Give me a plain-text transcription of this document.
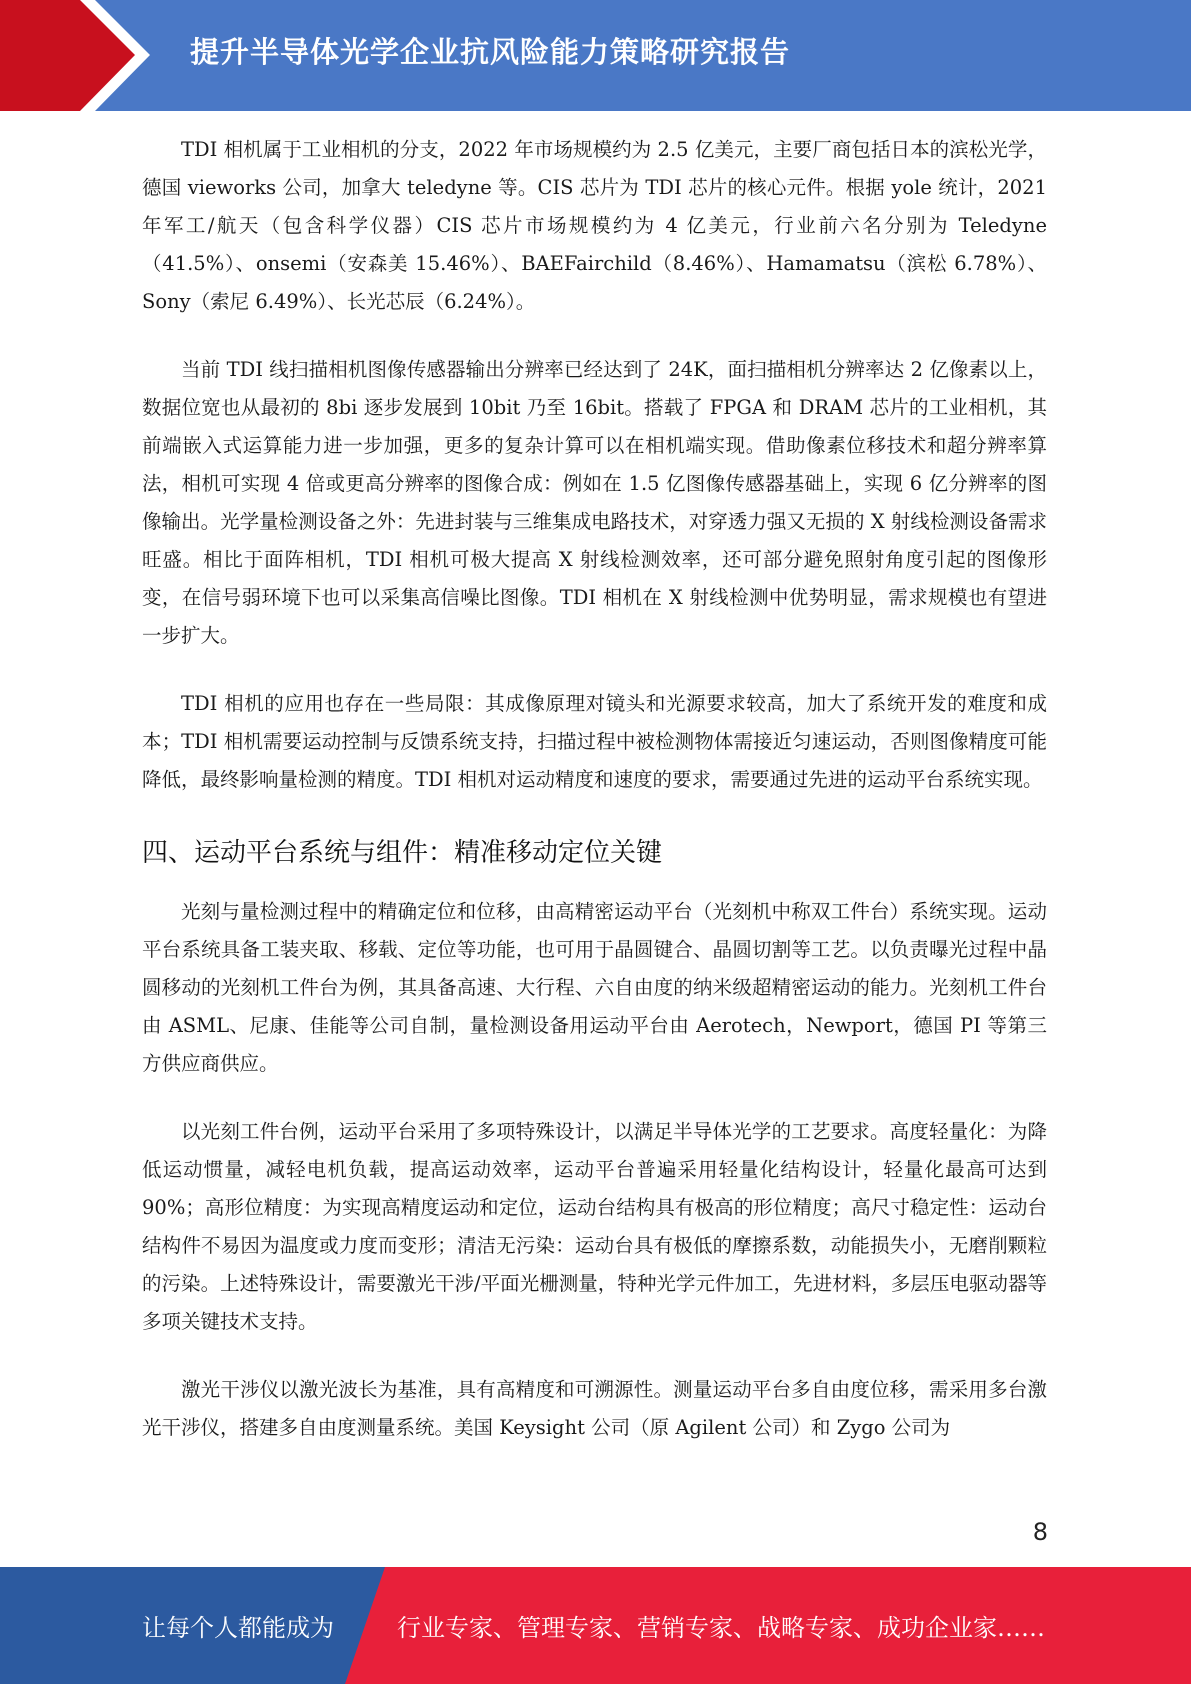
提升半导体光学企业抗风险能力策略研究报告

TDI 相机属于工业相机的分支，2022 年市场规模约为 2.5 亿美元，主要厂商包括日本的滨松光学，德国 vieworks 公司，加拿大 teledyne 等。CIS 芯片为 TDI 芯片的核心元件。根据 yole 统计，2021 年军工/航天（包含科学仪器）CIS 芯片市场规模约为 4 亿美元，行业前六名分别为 Teledyne（41.5%）、onsemi（安森美 15.46%）、BAEFairchild（8.46%）、Hamamatsu（滨松 6.78%）、Sony（索尼 6.49%）、长光芯辰（6.24%）。

当前 TDI 线扫描相机图像传感器输出分辨率已经达到了 24K，面扫描相机分辨率达 2 亿像素以上，数据位宽也从最初的 8bi 逐步发展到 10bit 乃至 16bit。搭载了 FPGA 和 DRAM 芯片的工业相机，其前端嵌入式运算能力进一步加强，更多的复杂计算可以在相机端实现。借助像素位移技术和超分辨率算法，相机可实现 4 倍或更高分辨率的图像合成：例如在 1.5 亿图像传感器基础上，实现 6 亿分辨率的图像输出。光学量检测设备之外：先进封装与三维集成电路技术，对穿透力强又无损的 X 射线检测设备需求旺盛。相比于面阵相机，TDI 相机可极大提高 X 射线检测效率，还可部分避免照射角度引起的图像形变，在信号弱环境下也可以采集高信噪比图像。TDI 相机在 X 射线检测中优势明显，需求规模也有望进一步扩大。

TDI 相机的应用也存在一些局限：其成像原理对镜头和光源要求较高，加大了系统开发的难度和成本；TDI 相机需要运动控制与反馈系统支持，扫描过程中被检测物体需接近匀速运动，否则图像精度可能降低，最终影响量检测的精度。TDI 相机对运动精度和速度的要求，需要通过先进的运动平台系统实现。

四、运动平台系统与组件：精准移动定位关键

光刻与量检测过程中的精确定位和位移，由高精密运动平台（光刻机中称双工件台）系统实现。运动平台系统具备工装夹取、移载、定位等功能，也可用于晶圆键合、晶圆切割等工艺。以负责曝光过程中晶圆移动的光刻机工件台为例，其具备高速、大行程、六自由度的纳米级超精密运动的能力。光刻机工件台由 ASML、尼康、佳能等公司自制，量检测设备用运动平台由 Aerotech，Newport，德国 PI 等第三方供应商供应。

以光刻工件台例，运动平台采用了多项特殊设计，以满足半导体光学的工艺要求。高度轻量化：为降低运动惯量，减轻电机负载，提高运动效率，运动平台普遍采用轻量化结构设计，轻量化最高可达到 90%；高形位精度：为实现高精度运动和定位，运动台结构具有极高的形位精度；高尺寸稳定性：运动台结构件不易因为温度或力度而变形；清洁无污染：运动台具有极低的摩擦系数，动能损失小，无磨削颗粒的污染。上述特殊设计，需要激光干涉/平面光栅测量，特种光学元件加工，先进材料，多层压电驱动器等多项关键技术支持。

激光干涉仪以激光波长为基准，具有高精度和可溯源性。测量运动平台多自由度位移，需采用多台激光干涉仪，搭建多自由度测量系统。美国 Keysight 公司（原 Agilent 公司）和 Zygo 公司为

8
让每个人都能成为	行业专家、管理专家、营销专家、战略专家、成功企业家……
